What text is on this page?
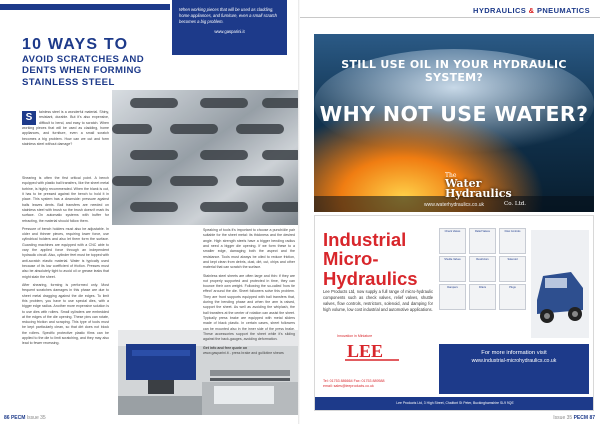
When working pieces that will be used as cladding, home appliances, and furniture, even a small scratch becomes a big problem.
www.gasparini.it
10 WAYS TO
AVOID SCRATCHES AND
DENTS WHEN FORMING
STAINLESS STEEL
S	tainless steel is a wonderful material. Shiny, resistant, durable. But it's also expensive, difficult to bend, and easy to scratch. When working pieces that will be used as cladding, home appliances, and furniture, even a small scratch becomes a big problem. How can we cut and form stainless steel without damage?

Shearing is often the first critical point. A bench equipped with plastic ball transfers, like the sheet metal turbine, is highly recommended. When the blank is cut, it has to be pressed against the bench to hold it in place. This system has a downside: pressure against balls leaves dents. Ball transfers are needed on stainless steel with brush so the brush doesn't mark its surface. On automatic systems with buffer for retracting, the material should follow them.

Pressure of bench holders must also be adjustable. In older and thinner pieces, requiring lower force, use cylindrical holders and also let them form the surface. Guarding machines are equipped with a CNC able to vary the applied force through an independent hydraulic circuit. Also, cylinder feet must be topped with anti-scratch elastic material. Water is typically used because of its low coefficient of friction. Presses must also be absolutely tight to avoid oil or grease leaks that might stain the sheet.

After shearing, forming is performed only. Most frequent scratches damages in this phase are due to sheet metal dragging against the die edges. To limit this problem, you have to use special dies, with a bigger edge radius. Another more expensive solution is to use dies with rollers. Small cylinders are embedded at the edges of the die opening. These pins can rotate, reducing friction and scraping. This type of tools must be kept particularly clean, so that dirt does not block the rollers. Specific protective plastic films can be applied to the die to limit scratching, and they may also lead to fewer recessing.

Speaking of tools it's important to choose a punch/die pair suitable for the sheet metal: its thickness and the desired angle. High strength steels have a bigger bending radius and need a bigger die opening. If we form these to a smaller edge, damaging both the aspect and the resistance. Tools must always be oiled to reduce friction, and kept clean from debris, dust, dirt, cut, chips and other material that can scratch the surface.

Stainless steel sheets are often large and thin: if they are not properly supported and protected in time, they can bounce their own weight. Following the so-called 'bow tie effect' around the die. Sheet followers solve this problem. They are front supports equipped with ball transfers that, during the bending phase and when the arm is raised, support the sheet. As well as avoiding the whiplash, the ball transfers at the center of rotation can assist the sheet. Typically press brake are equipped with metal sliders made of black plastic. In certain cases, sheet followers can be mounted also in the inner side of the press brake. These accessories support the sheet while it's sliding against the back-gauges, avoiding deformation.

Get info and free quote on
www.gasparini.it - press brake and guillotine shears

86 PECM Issue 35
HYDRAULICS & PNEUMATICS
STILL USE OIL IN YOUR HYDRAULIC SYSTEM?
WHY NOT USE WATER?
The
Water
Hydraulics
Co. Ltd.
www.waterhydraulics.co.uk
Industrial
Micro-
Hydraulics
Lee Products Ltd, now supply a full range of micro-hydraulic components such as check valves, relief valves, shuttle valves, flow controls, restrictors, solenoid, and damping for high volume, low cost industrial and automotive applications.
Innovation in Miniature
LEE
Tel: 01753 886664 Fax: 01753 889588
email: sales@leeproducts.co.uk
Check Valves	Relief Valves	Flow Controls
Shuttle Valves	Restrictors	Solenoid
Dampers	Filters	Plugs
For more information visit
www.industrial-microhydraulics.co.uk
Lee Products Ltd, 3 High Street, Chalfont St Peter, Buckinghamshire SL9 9QE
Issue 35 PECM 87
